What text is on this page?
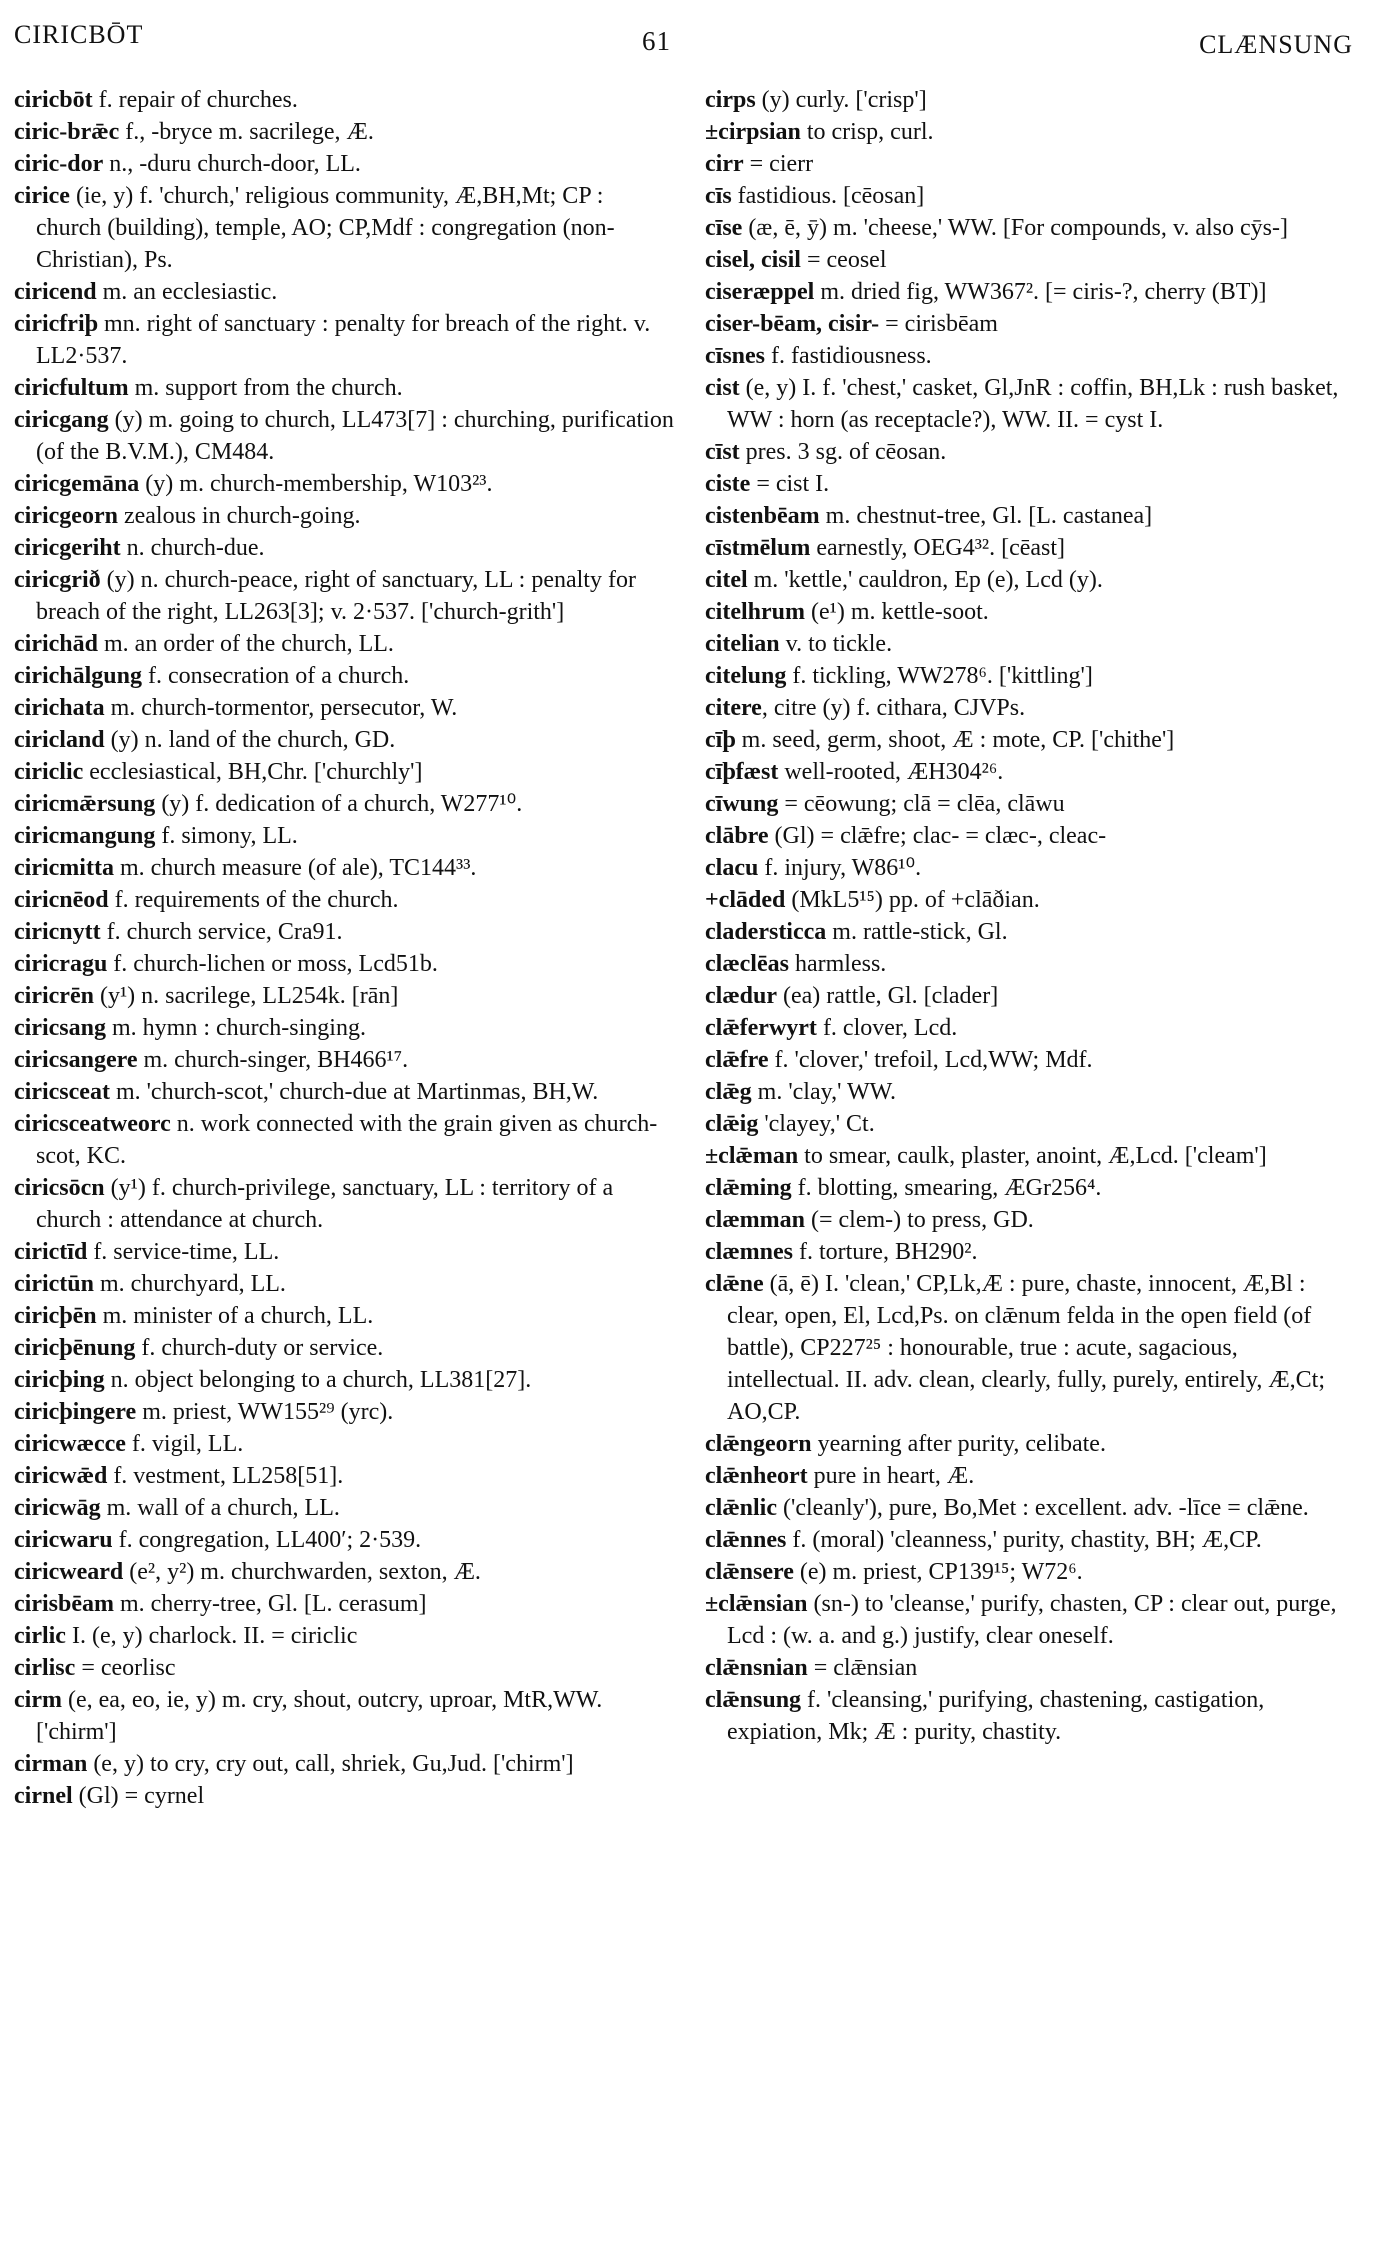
CIRICBŌT	61	CLÆNSUNG

ciricbōt f. repair of churches.

ciric-brǣc f., -bryce m. sacrilege, Æ.

ciric-dor n., -duru church-door, LL.

cirice (ie, y) f. 'church,' religious community, Æ,BH,Mt; CP : church (building), temple, AO; CP,Mdf : congregation (non-Christian), Ps.

ciricend m. an ecclesiastic.

ciricfriþ mn. right of sanctuary : penalty for breach of the right. v. LL2·537.

ciricfultum m. support from the church.

ciricgang (y) m. going to church, LL473[7] : churching, purification (of the B.V.M.), CM484.

ciricgemāna (y) m. church-membership, W103²³.

ciricgeorn zealous in church-going.

ciricgeriht n. church-due.

ciricgrið (y) n. church-peace, right of sanctuary, LL : penalty for breach of the right, LL263[3]; v. 2·537. ['church-grith']

cirichād m. an order of the church, LL.

cirichālgung f. consecration of a church.

cirichata m. church-tormentor, persecutor, W.

ciricland (y) n. land of the church, GD.

ciriclic ecclesiastical, BH,Chr. ['churchly']

ciricmǣrsung (y) f. dedication of a church, W277¹⁰.

ciricmangung f. simony, LL.

ciricmitta m. church measure (of ale), TC144³³.

ciricnēod f. requirements of the church.

ciricnytt f. church service, Cra91.

ciricragu f. church-lichen or moss, Lcd51b.

ciricrēn (y¹) n. sacrilege, LL254k. [rān]

ciricsang m. hymn : church-singing.

ciricsangere m. church-singer, BH466¹⁷.

ciricsceat m. 'church-scot,' church-due at Martinmas, BH,W.

ciricsceatweorc n. work connected with the grain given as church-scot, KC.

ciricsōcn (y¹) f. church-privilege, sanctuary, LL : territory of a church : attendance at church.

cirictīd f. service-time, LL.

cirictūn m. churchyard, LL.

ciricþēn m. minister of a church, LL.

ciricþēnung f. church-duty or service.

ciricþing n. object belonging to a church, LL381[27].

ciricþingere m. priest, WW155²⁹ (yrc).

ciricwæcce f. vigil, LL.

ciricwǣd f. vestment, LL258[51].

ciricwāg m. wall of a church, LL.

ciricwaru f. congregation, LL400′; 2·539.

ciricweard (e², y²) m. churchwarden, sexton, Æ.

cirisbēam m. cherry-tree, Gl. [L. cerasum]

cirlic I. (e, y) charlock. II. = ciriclic

cirlisc = ceorlisc

cirm (e, ea, eo, ie, y) m. cry, shout, outcry, uproar, MtR,WW. ['chirm']

cirman (e, y) to cry, cry out, call, shriek, Gu,Jud. ['chirm']

cirnel (Gl) = cyrnel

cirps (y) curly. ['crisp']

±cirpsian to crisp, curl.

cirr = cierr

cīs fastidious. [cēosan]

cīse (æ, ē, ȳ) m. 'cheese,' WW. [For compounds, v. also cȳs-]

cisel, cisil = ceosel

ciseræppel m. dried fig, WW367². [= ciris-?, cherry (BT)]

ciser-bēam, cisir- = cirisbēam

cīsnes f. fastidiousness.

cist (e, y) I. f. 'chest,' casket, Gl,JnR : coffin, BH,Lk : rush basket, WW : horn (as receptacle?), WW. II. = cyst I.

cīst pres. 3 sg. of cēosan.

ciste = cist I.

cistenbēam m. chestnut-tree, Gl. [L. castanea]

cīstmēlum earnestly, OEG4³². [cēast]

citel m. 'kettle,' cauldron, Ep (e), Lcd (y).

citelhrum (e¹) m. kettle-soot.

citelian v. to tickle.

citelung f. tickling, WW278⁶. ['kittling']

citere, citre (y) f. cithara, CJVPs.

cīþ m. seed, germ, shoot, Æ : mote, CP. ['chithe']

cīþfæst well-rooted, ÆH304²⁶.

cīwung = cēowung; clā = clēa, clāwu

clābre (Gl) = clǣfre; clac- = clæc-, cleac-

clacu f. injury, W86¹⁰.

+clāded (MkL5¹⁵) pp. of +clāðian.

cladersticca m. rattle-stick, Gl.

clæclēas harmless.

clædur (ea) rattle, Gl. [clader]

clǣferwyrt f. clover, Lcd.

clǣfre f. 'clover,' trefoil, Lcd,WW; Mdf.

clǣg m. 'clay,' WW.

clǣig 'clayey,' Ct.

±clǣman to smear, caulk, plaster, anoint, Æ,Lcd. ['cleam']

clǣming f. blotting, smearing, ÆGr256⁴.

clæmman (= clem-) to press, GD.

clæmnes f. torture, BH290².

clǣne (ā, ē) I. 'clean,' CP,Lk,Æ : pure, chaste, innocent, Æ,Bl : clear, open, El, Lcd,Ps. on clǣnum felda in the open field (of battle), CP227²⁵ : honourable, true : acute, sagacious, intellectual. II. adv. clean, clearly, fully, purely, entirely, Æ,Ct; AO,CP.

clǣngeorn yearning after purity, celibate.

clǣnheort pure in heart, Æ.

clǣnlic ('cleanly'), pure, Bo,Met : excellent. adv. -līce = clǣne.

clǣnnes f. (moral) 'cleanness,' purity, chastity, BH; Æ,CP.

clǣnsere (e) m. priest, CP139¹⁵; W72⁶.

±clǣnsian (sn-) to 'cleanse,' purify, chasten, CP : clear out, purge, Lcd : (w. a. and g.) justify, clear oneself.

clǣnsnian = clǣnsian

clǣnsung f. 'cleansing,' purifying, chastening, castigation, expiation, Mk; Æ : purity, chastity.
